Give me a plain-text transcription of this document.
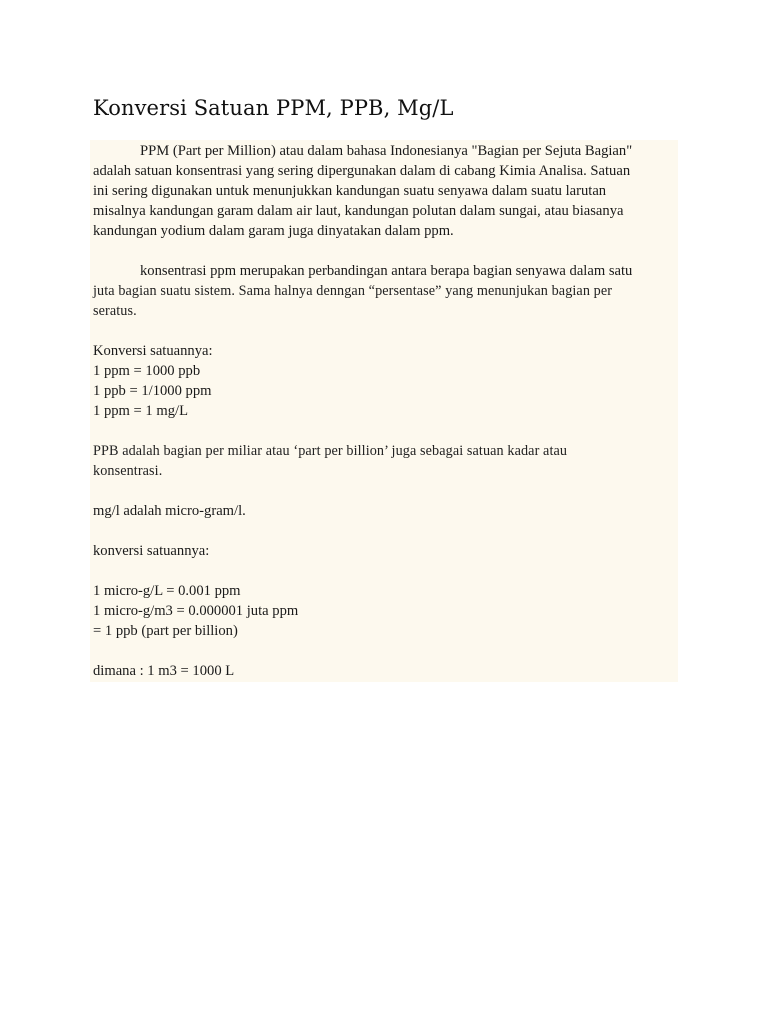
Konversi Satuan PPM, PPB, Mg/L
PPM (Part per Million) atau dalam bahasa Indonesianya "Bagian per Sejuta Bagian"
adalah satuan konsentrasi yang sering dipergunakan dalam di cabang Kimia Analisa. Satuan
ini sering digunakan untuk menunjukkan kandungan suatu senyawa dalam suatu larutan
misalnya kandungan garam dalam air laut, kandungan polutan dalam sungai, atau biasanya
kandungan yodium dalam garam juga dinyatakan dalam ppm.
konsentrasi ppm merupakan perbandingan antara berapa bagian senyawa dalam satu
juta bagian suatu sistem. Sama halnya denngan “persentase” yang menunjukan bagian per
seratus.
Konversi satuannya:
1 ppm = 1000 ppb
1 ppb = 1/1000 ppm
1 ppm = 1 mg/L
PPB adalah bagian per miliar atau ‘part per billion’ juga sebagai satuan kadar atau
konsentrasi.
mg/l adalah micro-gram/l.
konversi satuannya:
1 micro-g/L = 0.001 ppm
1 micro-g/m3 = 0.000001 juta ppm
= 1 ppb (part per billion)
dimana : 1 m3 = 1000 L
